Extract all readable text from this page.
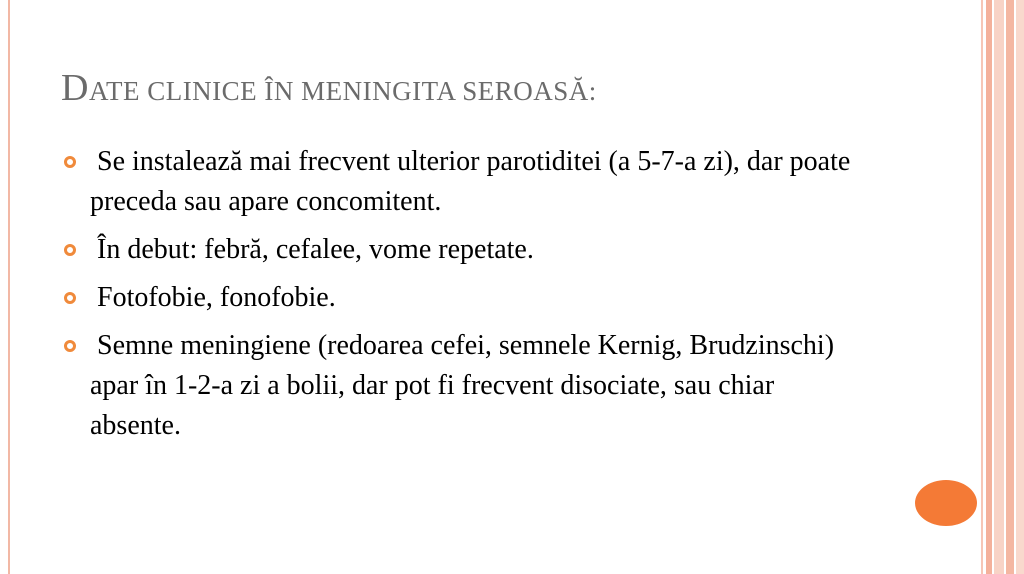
DATE CLINICE ÎN MENINGITA SEROASĂ:
Se instalează mai frecvent ulterior parotiditei (a 5-7-a zi), dar poate preceda sau apare concomitent.
În debut: febră, cefalee, vome repetate.
Fotofobie, fonofobie.
Semne meningiene (redoarea cefei, semnele Kernig, Brudzinschi) apar în 1-2-a zi a bolii, dar pot fi frecvent disociate, sau chiar absente.
